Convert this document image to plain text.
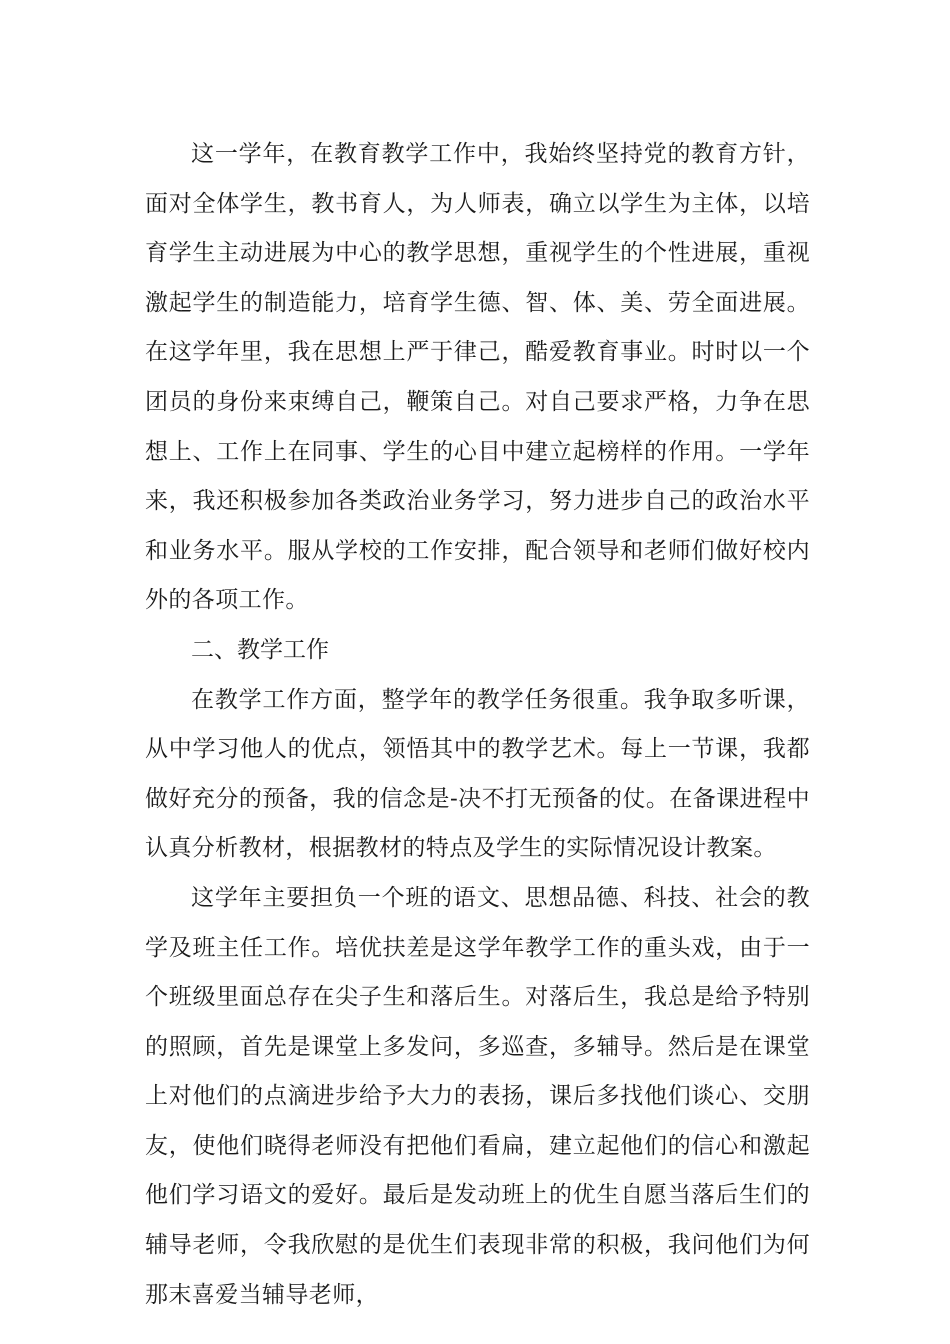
这一学年，在教育教学工作中，我始终坚持党的教育方针，面对全体学生，教书育人，为人师表，确立以学生为主体，以培育学生主动进展为中心的教学思想，重视学生的个性进展，重视激起学生的制造能力，培育学生德、智、体、美、劳全面进展。在这学年里，我在思想上严于律己，酷爱教育事业。时时以一个团员的身份来束缚自己，鞭策自己。对自己要求严格，力争在思想上、工作上在同事、学生的心目中建立起榜样的作用。一学年来，我还积极参加各类政治业务学习，努力进步自己的政治水平和业务水平。服从学校的工作安排，配合领导和老师们做好校内外的各项工作。

二、教学工作

在教学工作方面，整学年的教学任务很重。我争取多听课，从中学习他人的优点，领悟其中的教学艺术。每上一节课，我都做好充分的预备，我的信念是-决不打无预备的仗。在备课进程中认真分析教材，根据教材的特点及学生的实际情况设计教案。

这学年主要担负一个班的语文、思想品德、科技、社会的教学及班主任工作。培优扶差是这学年教学工作的重头戏，由于一个班级里面总存在尖子生和落后生。对落后生，我总是给予特别的照顾，首先是课堂上多发问，多巡查，多辅导。然后是在课堂上对他们的点滴进步给予大力的表扬，课后多找他们谈心、交朋友，使他们晓得老师没有把他们看扁，建立起他们的信心和激起他们学习语文的爱好。最后是发动班上的优生自愿当落后生们的辅导老师，令我欣慰的是优生们表现非常的积极，我问他们为何那末喜爱当辅导老师，
